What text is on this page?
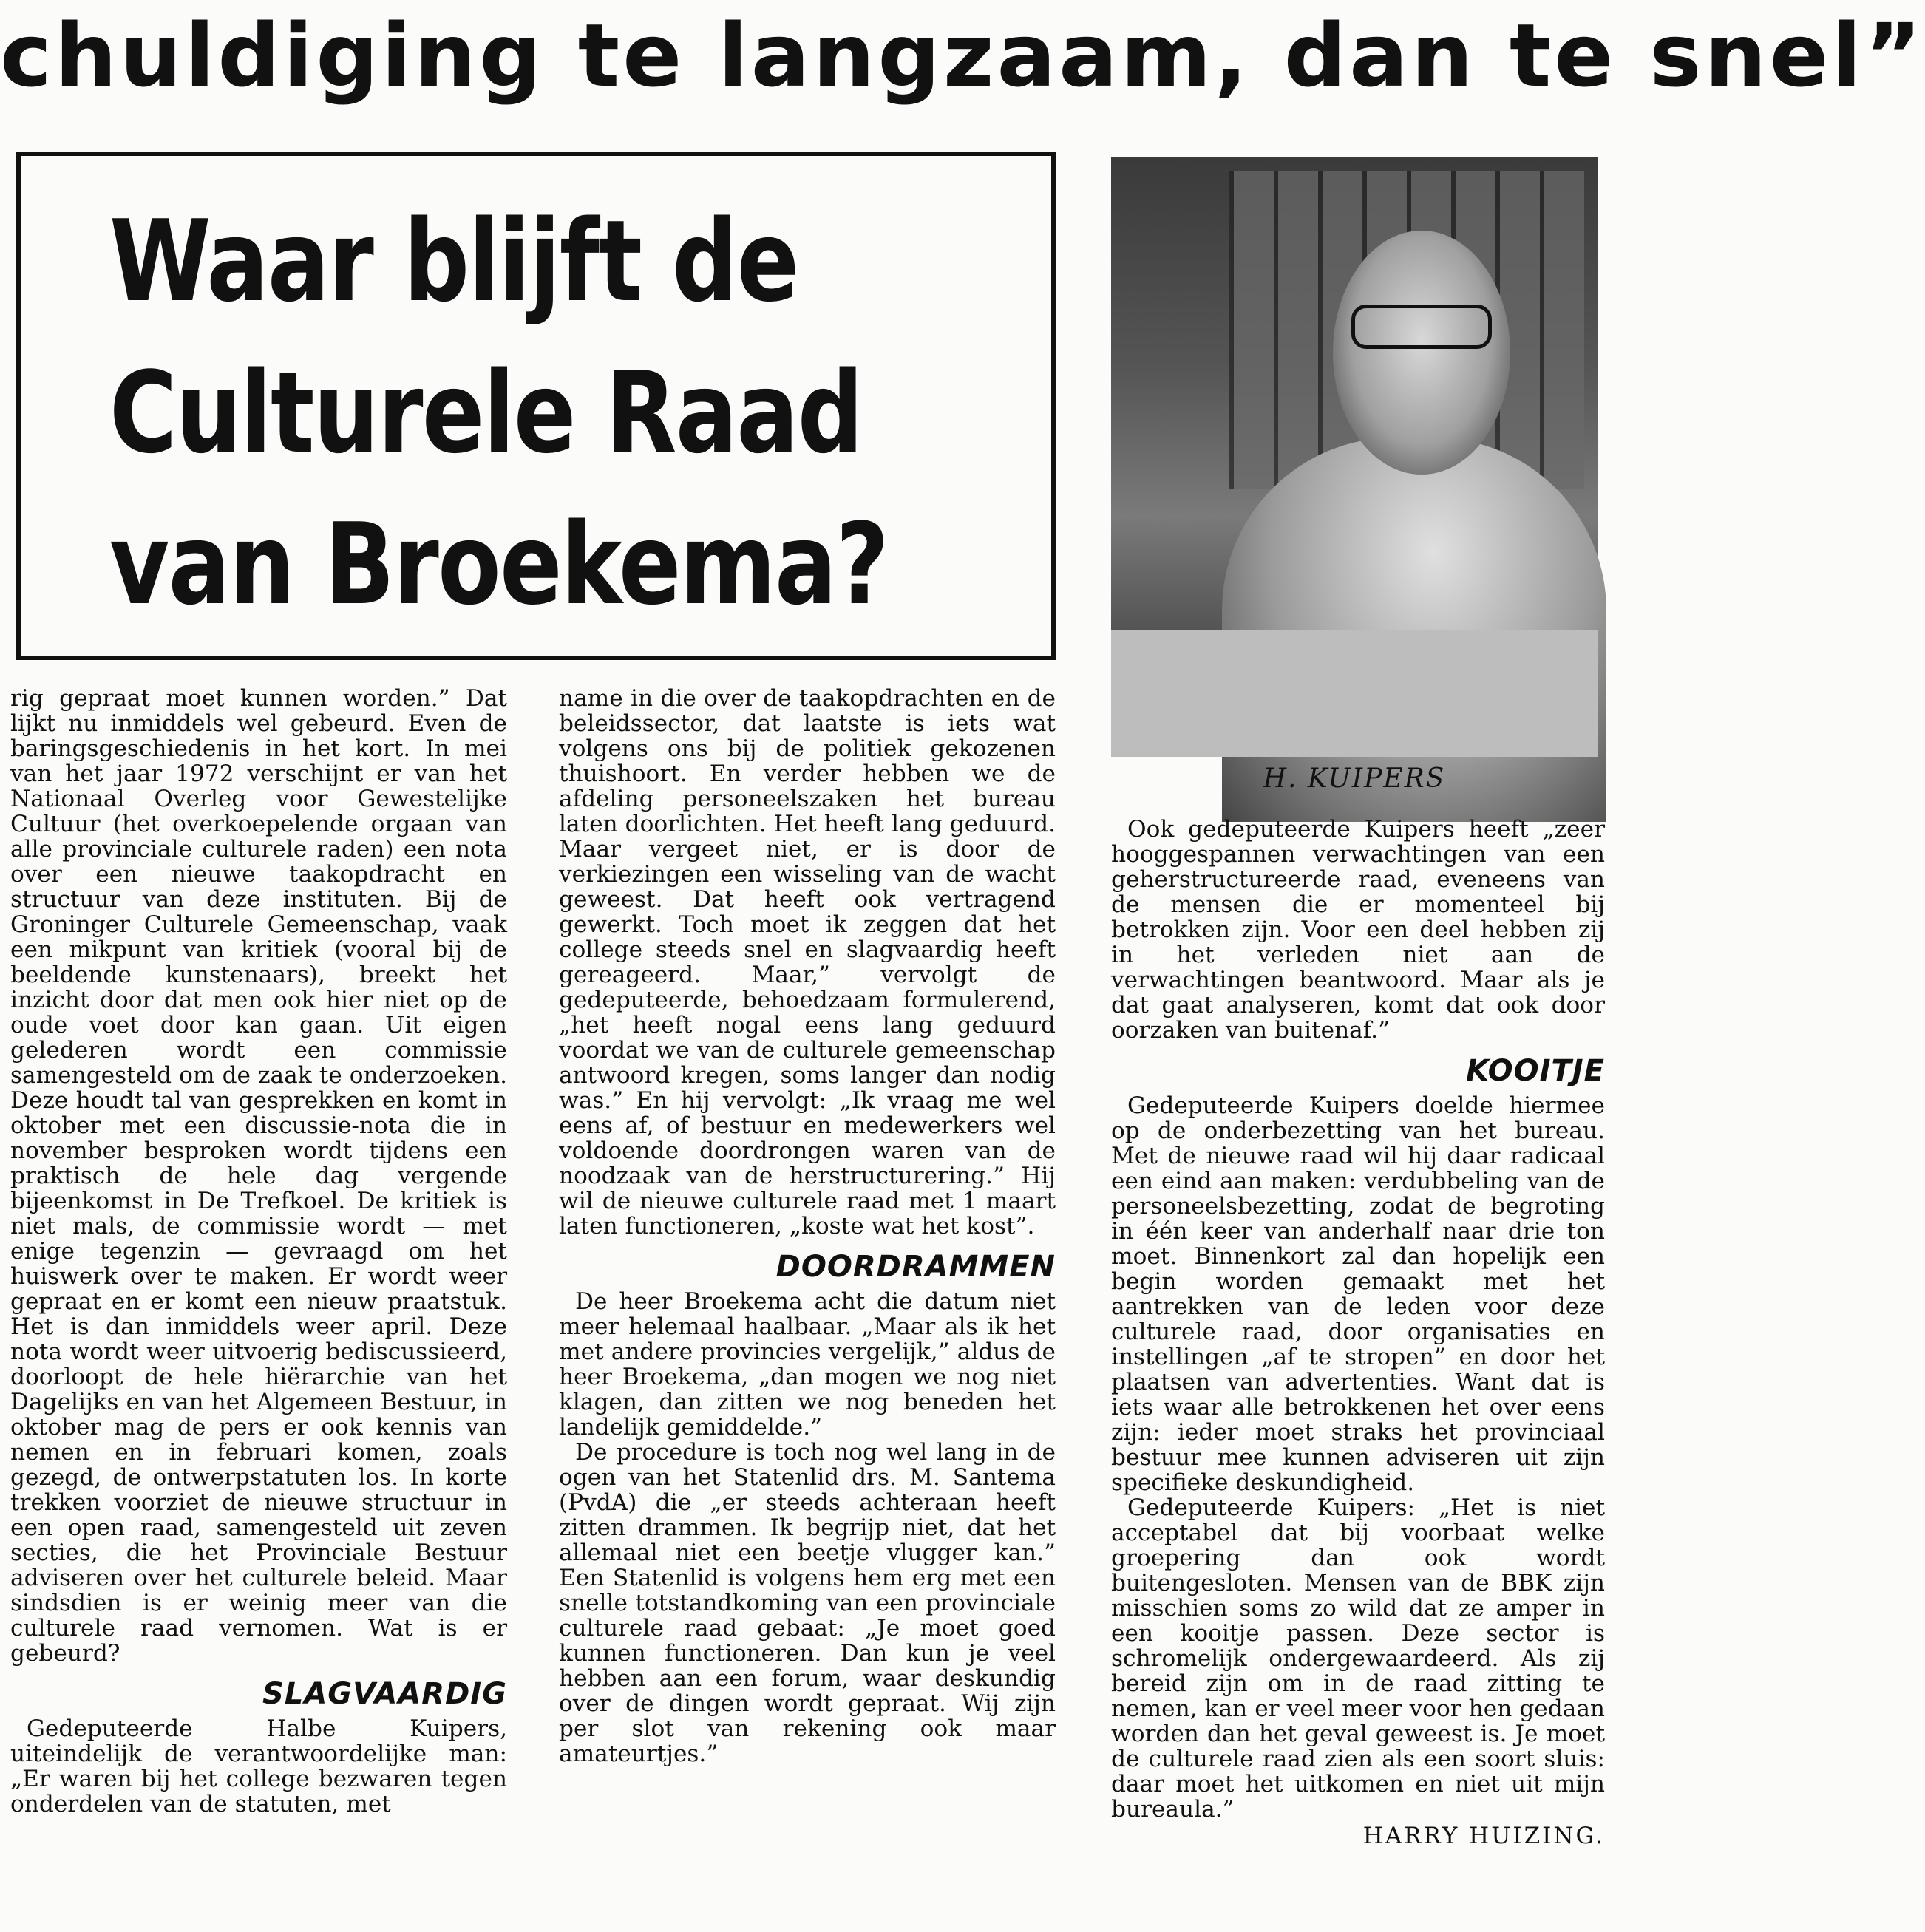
chuldiging te langzaam, dan te snel”
Waar blijft de
Culturele Raad
van Broekema?
H. KUIPERS

rig gepraat moet kunnen worden.” Dat lijkt nu inmiddels wel gebeurd. Even de baringsgeschiedenis in het kort. In mei van het jaar 1972 verschijnt er van het Nationaal Overleg voor Gewestelijke Cultuur (het overkoepelende orgaan van alle provinciale culturele raden) een nota over een nieuwe taakopdracht en structuur van deze instituten. Bij de Groninger Culturele Gemeenschap, vaak een mikpunt van kritiek (vooral bij de beeldende kunstenaars), breekt het inzicht door dat men ook hier niet op de oude voet door kan gaan. Uit eigen gelederen wordt een commissie samengesteld om de zaak te onderzoeken. Deze houdt tal van gesprekken en komt in oktober met een discussie-nota die in november besproken wordt tijdens een praktisch de hele dag vergende bijeenkomst in De Trefkoel. De kritiek is niet mals, de commissie wordt — met enige tegenzin — gevraagd om het huiswerk over te maken. Er wordt weer gepraat en er komt een nieuw praatstuk. Het is dan inmiddels weer april. Deze nota wordt weer uitvoerig bediscussieerd, doorloopt de hele hiërarchie van het Dagelijks en van het Algemeen Bestuur, in oktober mag de pers er ook kennis van nemen en in februari komen, zoals gezegd, de ontwerpstatuten los. In korte trekken voorziet de nieuwe structuur in een open raad, samengesteld uit zeven secties, die het Provinciale Bestuur adviseren over het culturele beleid. Maar sindsdien is er weinig meer van die culturele raad vernomen. Wat is er gebeurd?

SLAGVAARDIG

Gedeputeerde Halbe Kuipers, uiteindelijk de verantwoordelijke man: „Er waren bij het college bezwaren tegen onderdelen van de statuten, met

name in die over de taakopdrachten en de beleidssector, dat laatste is iets wat volgens ons bij de politiek gekozenen thuishoort. En verder hebben we de afdeling personeelszaken het bureau laten doorlichten. Het heeft lang geduurd. Maar vergeet niet, er is door de verkiezingen een wisseling van de wacht geweest. Dat heeft ook vertragend gewerkt. Toch moet ik zeggen dat het college steeds snel en slagvaardig heeft gereageerd. Maar,” vervolgt de gedeputeerde, behoedzaam formulerend, „het heeft nogal eens lang geduurd voordat we van de culturele gemeenschap antwoord kregen, soms langer dan nodig was.” En hij vervolgt: „Ik vraag me wel eens af, of bestuur en medewerkers wel voldoende doordrongen waren van de noodzaak van de herstructurering.” Hij wil de nieuwe culturele raad met 1 maart laten functioneren, „koste wat het kost”.

DOORDRAMMEN

De heer Broekema acht die datum niet meer helemaal haalbaar. „Maar als ik het met andere provincies vergelijk,” aldus de heer Broekema, „dan mogen we nog niet klagen, dan zitten we nog beneden het landelijk gemiddelde.”

De procedure is toch nog wel lang in de ogen van het Statenlid drs. M. Santema (PvdA) die „er steeds achteraan heeft zitten drammen. Ik begrijp niet, dat het allemaal niet een beetje vlugger kan.” Een Statenlid is volgens hem erg met een snelle totstandkoming van een provinciale culturele raad gebaat: „Je moet goed kunnen functioneren. Dan kun je veel hebben aan een forum, waar deskundig over de dingen wordt gepraat. Wij zijn per slot van rekening ook maar amateurtjes.”

Ook gedeputeerde Kuipers heeft „zeer hooggespannen verwachtingen van een geherstructureerde raad, eveneens van de mensen die er momenteel bij betrokken zijn. Voor een deel hebben zij in het verleden niet aan de verwachtingen beantwoord. Maar als je dat gaat analyseren, komt dat ook door oorzaken van buitenaf.”

KOOITJE

Gedeputeerde Kuipers doelde hiermee op de onderbezetting van het bureau. Met de nieuwe raad wil hij daar radicaal een eind aan maken: verdubbeling van de personeelsbezetting, zodat de begroting in één keer van anderhalf naar drie ton moet. Binnenkort zal dan hopelijk een begin worden gemaakt met het aantrekken van de leden voor deze culturele raad, door organisaties en instellingen „af te stropen” en door het plaatsen van advertenties. Want dat is iets waar alle betrokkenen het over eens zijn: ieder moet straks het provinciaal bestuur mee kunnen adviseren uit zijn specifieke deskundigheid.

Gedeputeerde Kuipers: „Het is niet acceptabel dat bij voorbaat welke groepering dan ook wordt buitengesloten. Mensen van de BBK zijn misschien soms zo wild dat ze amper in een kooitje passen. Deze sector is schromelijk ondergewaardeerd. Als zij bereid zijn om in de raad zitting te nemen, kan er veel meer voor hen gedaan worden dan het geval geweest is. Je moet de culturele raad zien als een soort sluis: daar moet het uitkomen en niet uit mijn bureaula.”

HARRY HUIZING.
